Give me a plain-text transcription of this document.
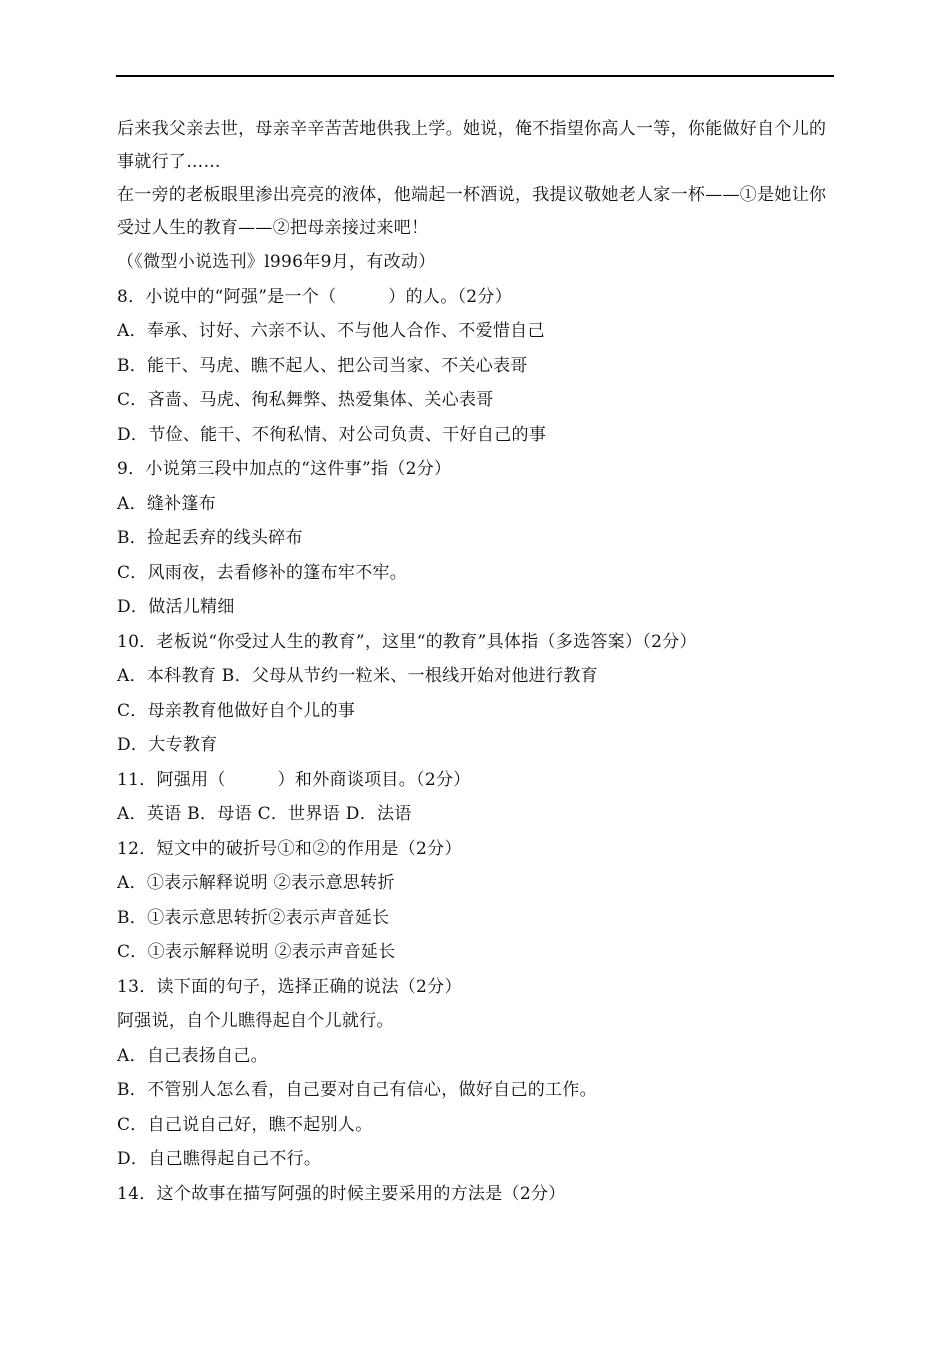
后来我父亲去世，母亲辛辛苦苦地供我上学。她说，俺不指望你高人一等，你能做好自个儿的事就行了……

在一旁的老板眼里渗出亮亮的液体，他端起一杯酒说，我提议敬她老人家一杯——①是她让你受过人生的教育——②把母亲接过来吧！

（《微型小说选刊》l996年9月，有改动）

8．小说中的“阿强”是一个（　　　）的人。（2分）

A．奉承、讨好、六亲不认、不与他人合作、不爱惜自己

B．能干、马虎、瞧不起人、把公司当家、不关心表哥

C．吝啬、马虎、徇私舞弊、热爱集体、关心表哥

D．节俭、能干、不徇私情、对公司负责、干好自己的事

9．小说第三段中加点的“这件事”指（2分）

A．缝补篷布

B．捡起丢弃的线头碎布

C．风雨夜，去看修补的篷布牢不牢。

D．做活儿精细

10．老板说“你受过人生的教育”，这里“的教育”具体指（多选答案）（2分）

A．本科教育 B．父母从节约一粒米、一根线开始对他进行教育

C．母亲教育他做好自个儿的事

D．大专教育

11．阿强用（　　　）和外商谈项目。（2分）

A．英语 B．母语 C．世界语 D．法语

12．短文中的破折号①和②的作用是（2分）

A．①表示解释说明 ②表示意思转折

B．①表示意思转折②表示声音延长

C．①表示解释说明 ②表示声音延长

13．读下面的句子，选择正确的说法（2分）

阿强说，自个儿瞧得起自个儿就行。

A．自己表扬自己。

B．不管别人怎么看，自己要对自己有信心，做好自己的工作。

C．自己说自己好，瞧不起别人。

D．自己瞧得起自己不行。

14．这个故事在描写阿强的时候主要采用的方法是（2分）
